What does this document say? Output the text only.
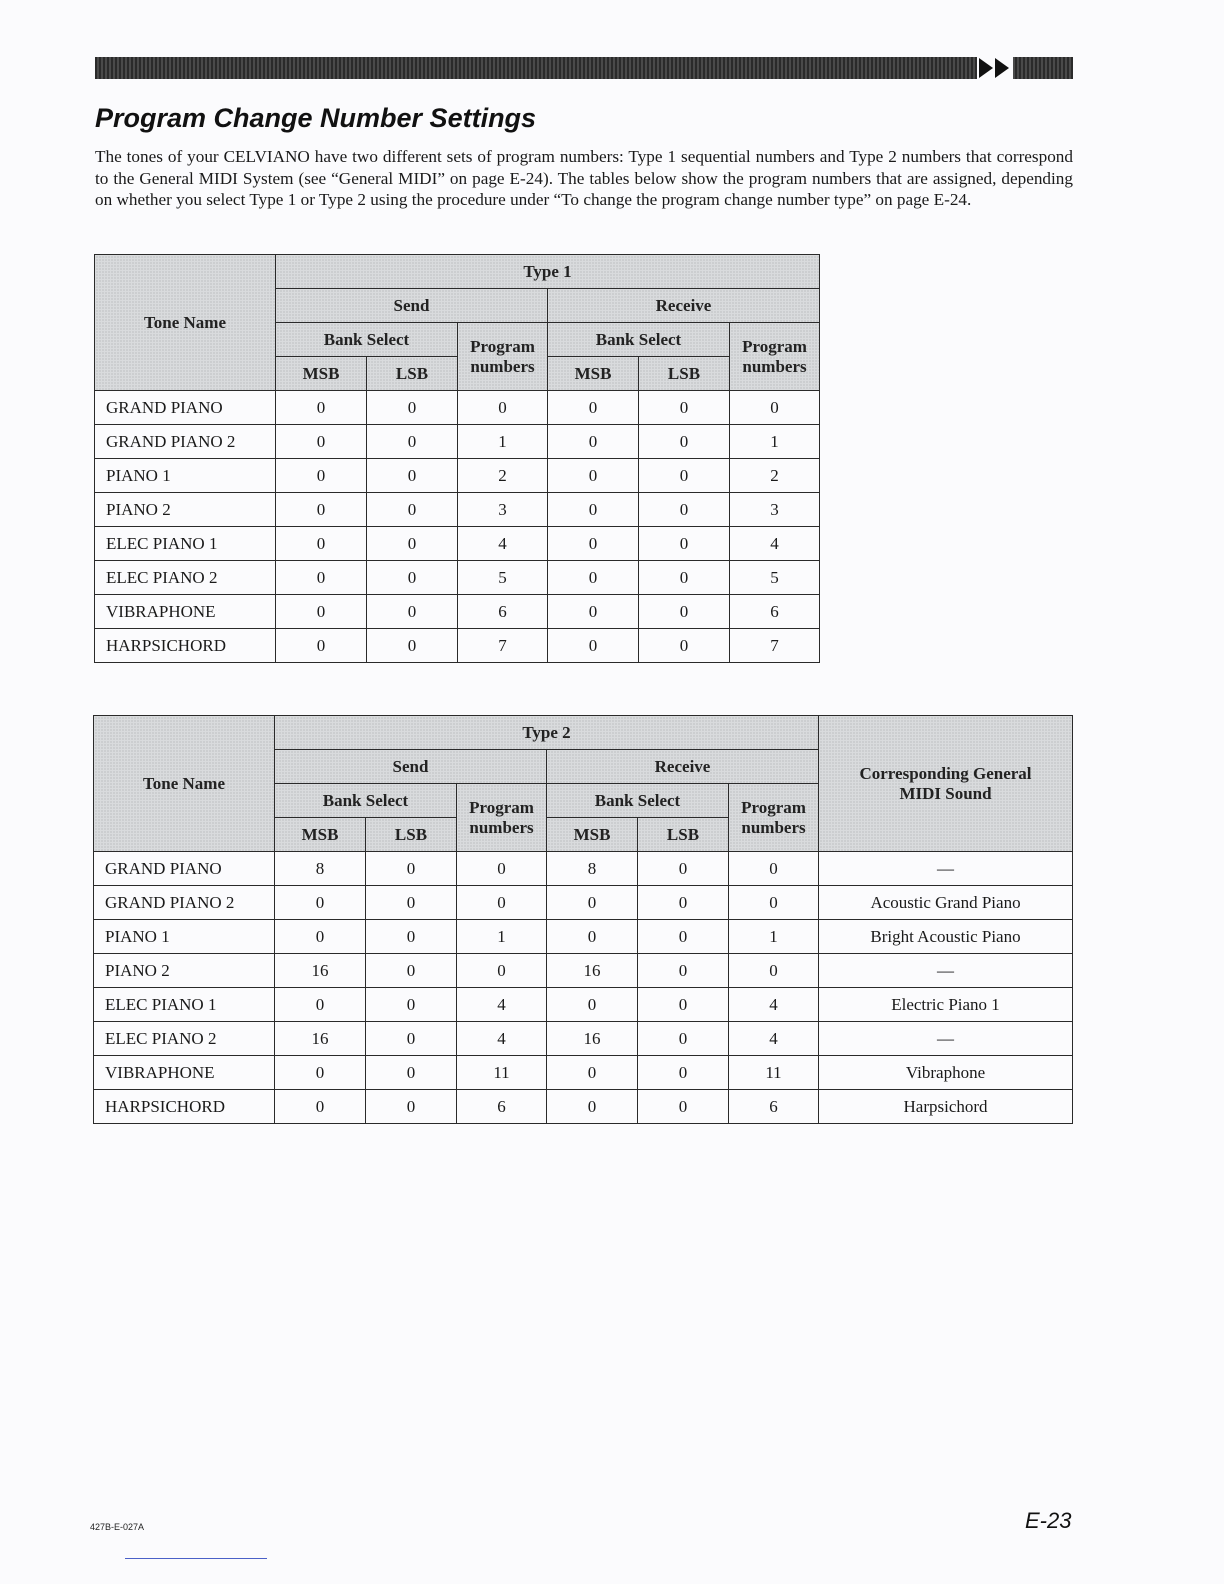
Program Change Number Settings

The tones of your CELVIANO have two different sets of program numbers: Type 1 sequential numbers and Type 2 numbers that correspond to the General MIDI System (see “General MIDI” on page E-24). The tables below show the program numbers that are assigned, depending on whether you select Type 1 or Type 2 using the procedure under “To change the program change number type” on page E-24.

Tone Name	Type 1					
	Send			Receive		
	Bank Select		Program numbers	Bank Select		Program numbers
	MSB	LSB		MSB	LSB	
GRAND PIANO	0	0	0	0	0	0
GRAND PIANO 2	0	0	1	0	0	1
PIANO 1	0	0	2	0	0	2
PIANO 2	0	0	3	0	0	3
ELEC PIANO 1	0	0	4	0	0	4
ELEC PIANO 2	0	0	5	0	0	5
VIBRAPHONE	0	0	6	0	0	6
HARPSICHORD	0	0	7	0	0	7
Tone Name	Type 2						Corresponding General MIDI Sound
	Send			Receive			
	Bank Select		Program numbers	Bank Select		Program numbers	
	MSB	LSB		MSB	LSB		
GRAND PIANO	8	0	0	8	0	0	—
GRAND PIANO 2	0	0	0	0	0	0	Acoustic Grand Piano
PIANO 1	0	0	1	0	0	1	Bright Acoustic Piano
PIANO 2	16	0	0	16	0	0	—
ELEC PIANO 1	0	0	4	0	0	4	Electric Piano 1
ELEC PIANO 2	16	0	4	16	0	4	—
VIBRAPHONE	0	0	11	0	0	11	Vibraphone
HARPSICHORD	0	0	6	0	0	6	Harpsichord
427B-E-027A	E-23
